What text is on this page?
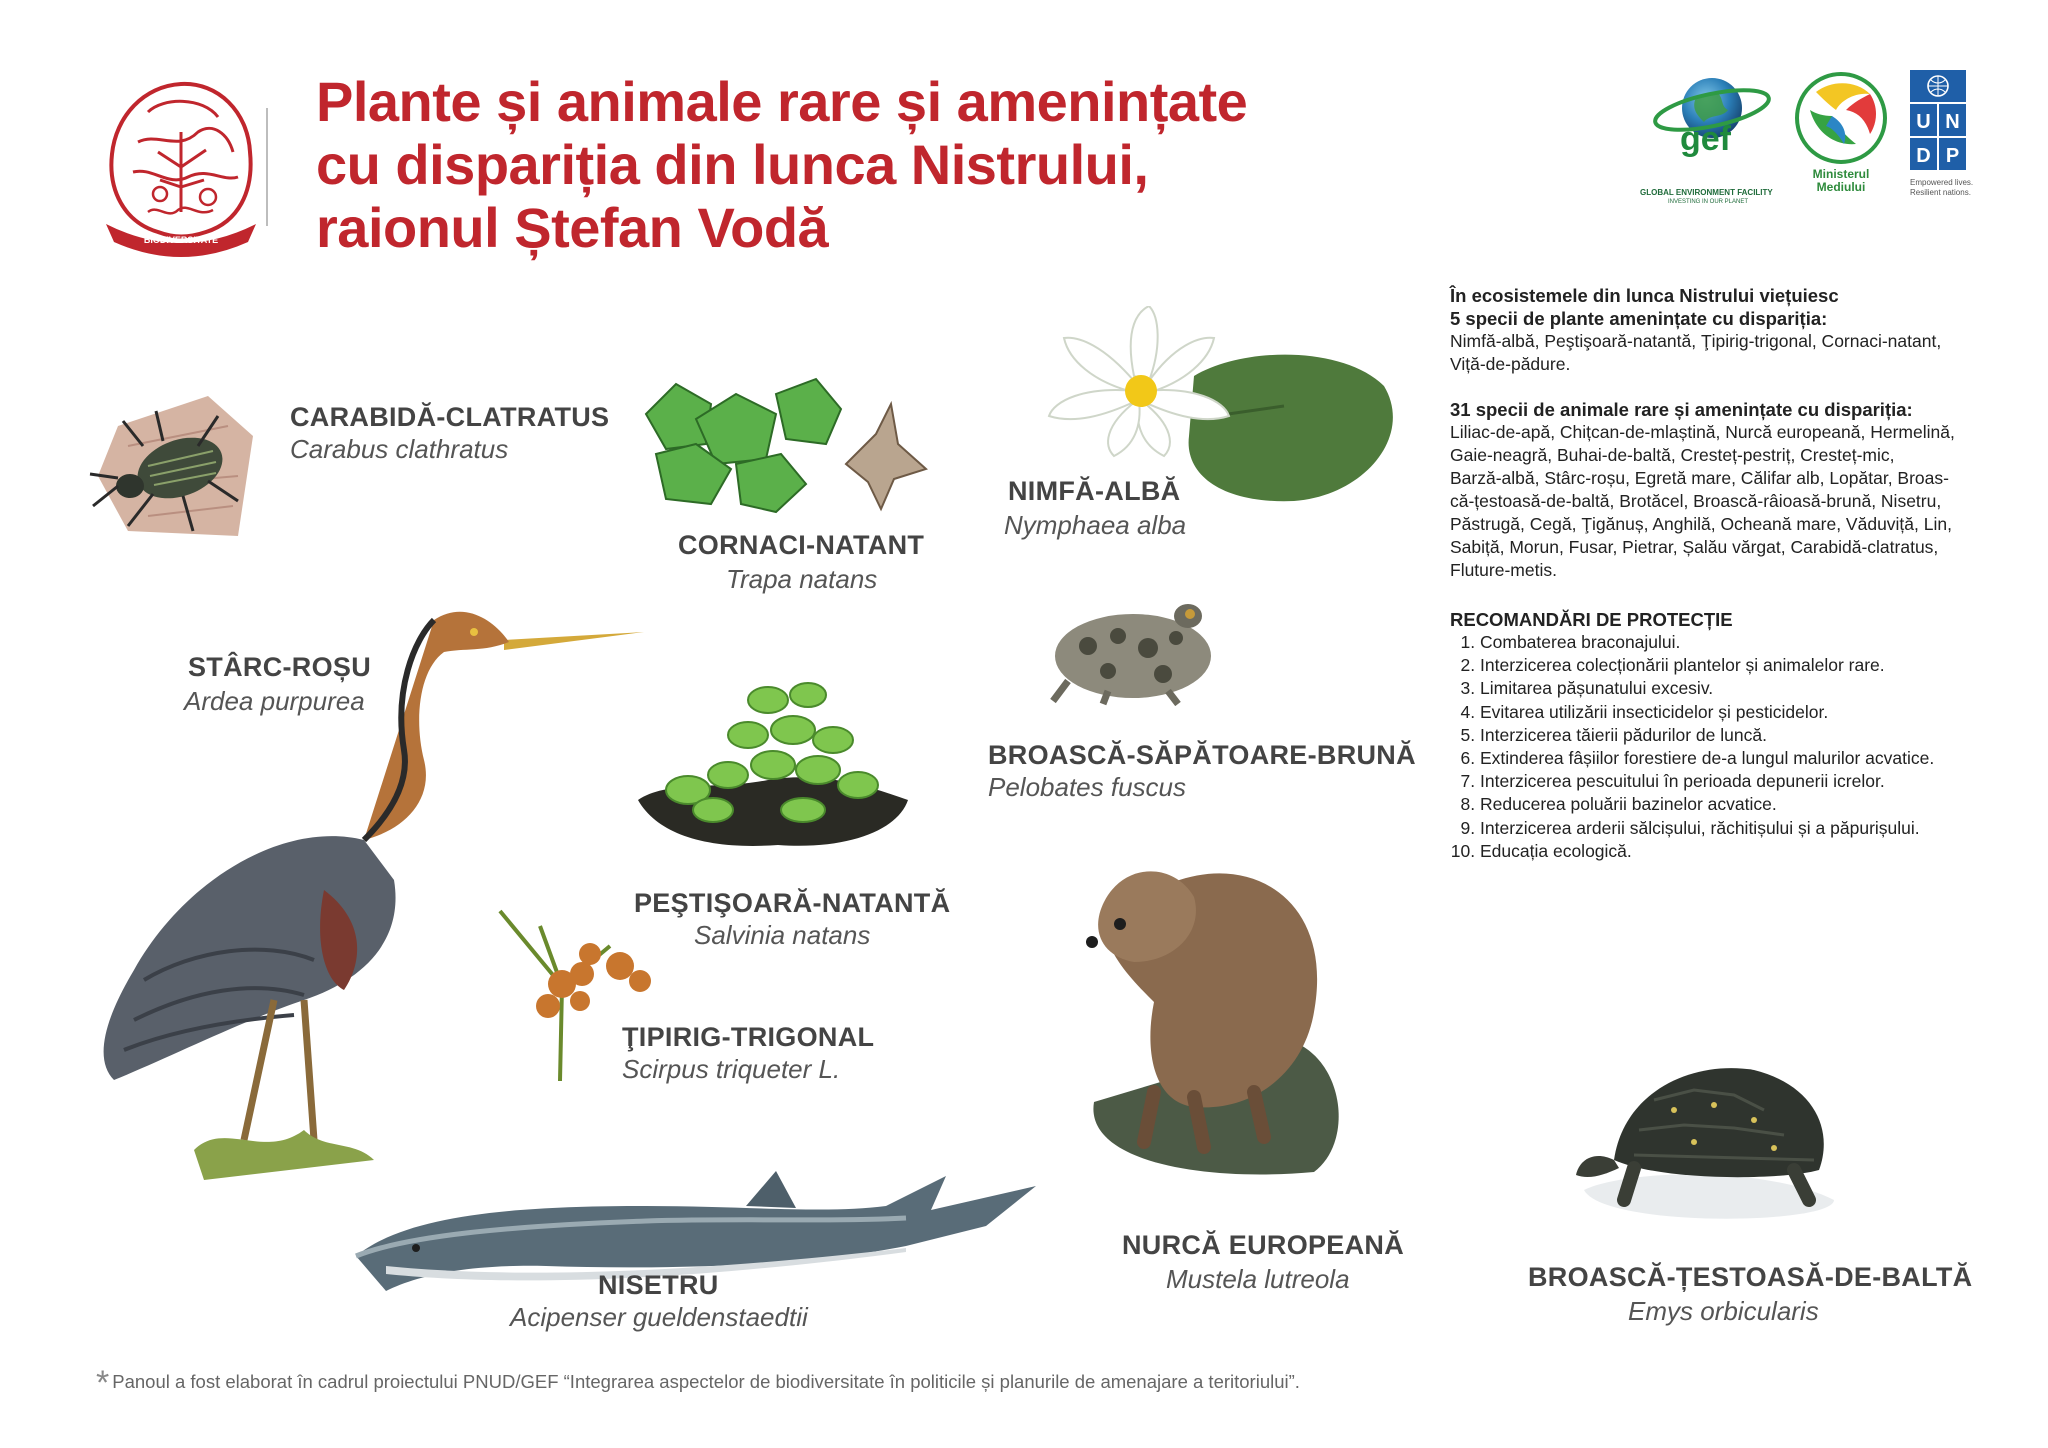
BIODIVERSITATE
Plante și animale rare și amenințate
cu dispariția din lunca Nistrului,
raionul Ștefan Vodă
gef
GLOBAL ENVIRONMENT FACILITY
INVESTING IN OUR PLANET
Ministerul
Mediului
U N
D P
Empowered lives.
Resilient nations.
CARABIDĂ-CLATRATUS
Carabus clathratus
CORNACI-NATANT
Trapa natans
NIMFĂ-ALBĂ
Nymphaea alba
STÂRC-ROȘU
Ardea purpurea
BROASCĂ-SĂPĂTOARE-BRUNĂ
Pelobates fuscus
PEŞTIŞOARĂ-NATANTĂ
Salvinia natans
ŢIPIRIG-TRIGONAL
Scirpus triqueter L.
NURCĂ EUROPEANĂ
Mustela lutreola
NISETRU
Acipenser gueldenstaedtii
BROASCĂ-ȚESTOASĂ-DE-BALTĂ
Emys orbicularis

În ecosistemele din lunca Nistrului viețuiesc

5 specii de plante amenințate cu dispariția:

Nimfă-albă, Peştişoară-natantă, Ţipirig-trigonal, Cornaci-natant,

Viță-de-pădure.

31 specii de animale rare și amenințate cu dispariția:

Liliac-de-apă, Chițcan-de-mlaștină, Nurcă europeană, Hermelină,

Gaie-neagră, Buhai-de-baltă, Cresteț-pestriț, Cresteț-mic,

Barză-albă, Stârc-roșu, Egretă mare, Călifar alb, Lopătar, Broas-

că-țestoasă-de-baltă, Brotăcel, Broască-râioasă-brună, Nisetru,

Păstrugă, Cegă, Ţigănuș, Anghilă, Ocheană mare, Văduviță, Lin,

Sabiță, Morun, Fusar, Pietrar, Șalău vărgat, Carabidă-clatratus,

Fluture-metis.

RECOMANDĂRI DE PROTECȚIE

1. Combaterea braconajului.
2. Interzicerea colecționării plantelor și animalelor rare.
3. Limitarea pășunatului excesiv.
4. Evitarea utilizării insecticidelor și pesticidelor.
5. Interzicerea tăierii pădurilor de luncă.
6. Extinderea fâșiilor forestiere de-a lungul malurilor acvatice.
7. Interzicerea pescuitului în perioada depunerii icrelor.
8. Reducerea poluării bazinelor acvatice.
9. Interzicerea arderii sălcișului, răchitișului și a păpurișului.
10. Educația ecologică.
* Panoul a fost elaborat în cadrul proiectului PNUD/GEF “Integrarea aspectelor de biodiversitate în politicile și planurile de amenajare a teritoriului”.
